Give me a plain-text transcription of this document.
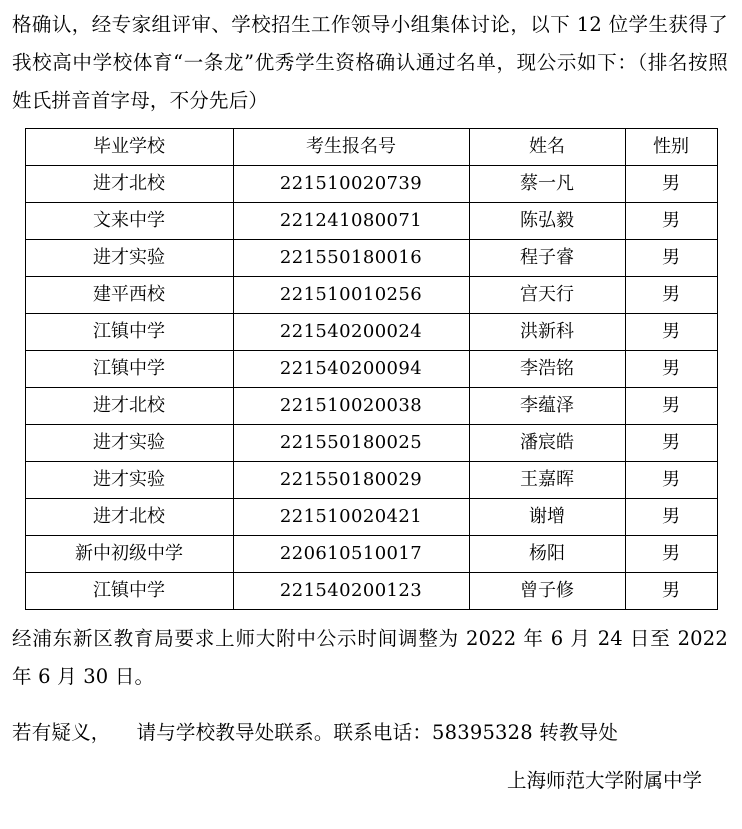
格确认，经专家组评审、学校招生工作领导小组集体讨论，以下 12 位学生获得了我校高中学校体育“一条龙”优秀学生资格确认通过名单，现公示如下：（排名按照姓氏拼音首字母，不分先后）

毕业学校	考生报名号	姓名	性别
进才北校	221510020739	蔡一凡	男
文来中学	221241080071	陈弘毅	男
进才实验	221550180016	程子睿	男
建平西校	221510010256	宫天行	男
江镇中学	221540200024	洪新科	男
江镇中学	221540200094	李浩铭	男
进才北校	221510020038	李蕴泽	男
进才实验	221550180025	潘宸皓	男
进才实验	221550180029	王嘉晖	男
进才北校	221510020421	谢增	男
新中初级中学	220610510017	杨阳	男
江镇中学	221540200123	曾子修	男

经浦东新区教育局要求上师大附中公示时间调整为 2022 年 6 月 24 日至 2022 年 6 月 30 日。

若有疑义， 请与学校教导处联系。联系电话：58395328 转教导处

上海师范大学附属中学
